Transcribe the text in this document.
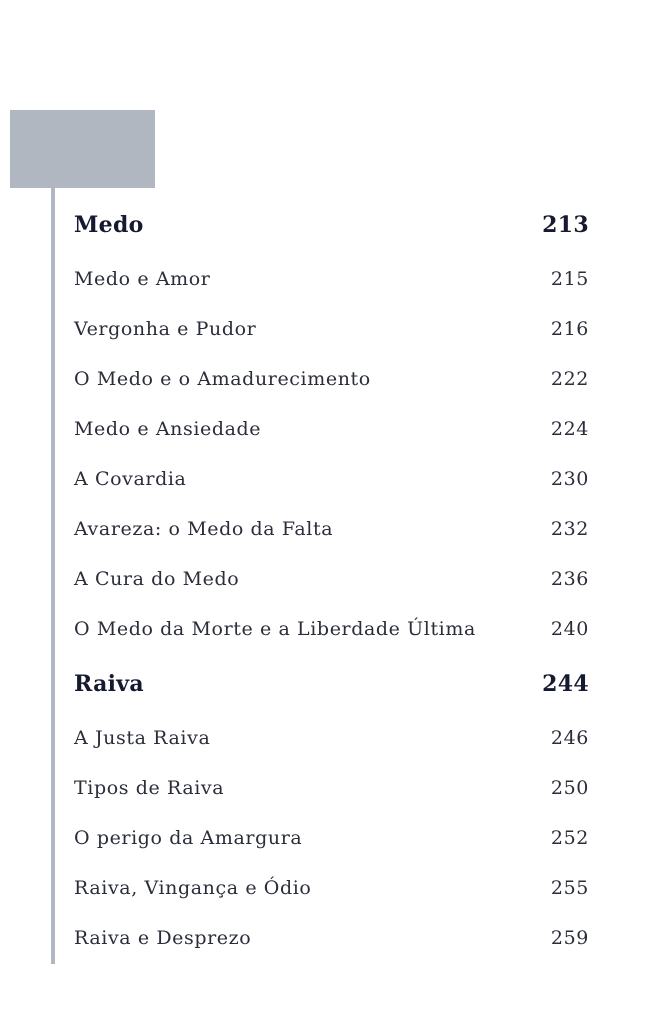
Medo	213
Medo e Amor	215
Vergonha e Pudor	216
O Medo e o Amadurecimento	222
Medo e Ansiedade	224
A Covardia	230
Avareza: o Medo da Falta	232
A Cura do Medo	236
O Medo da Morte e a Liberdade Última	240
Raiva	244
A Justa Raiva	246
Tipos de Raiva	250
O perigo da Amargura	252
Raiva, Vingança e Ódio	255
Raiva e Desprezo	259
